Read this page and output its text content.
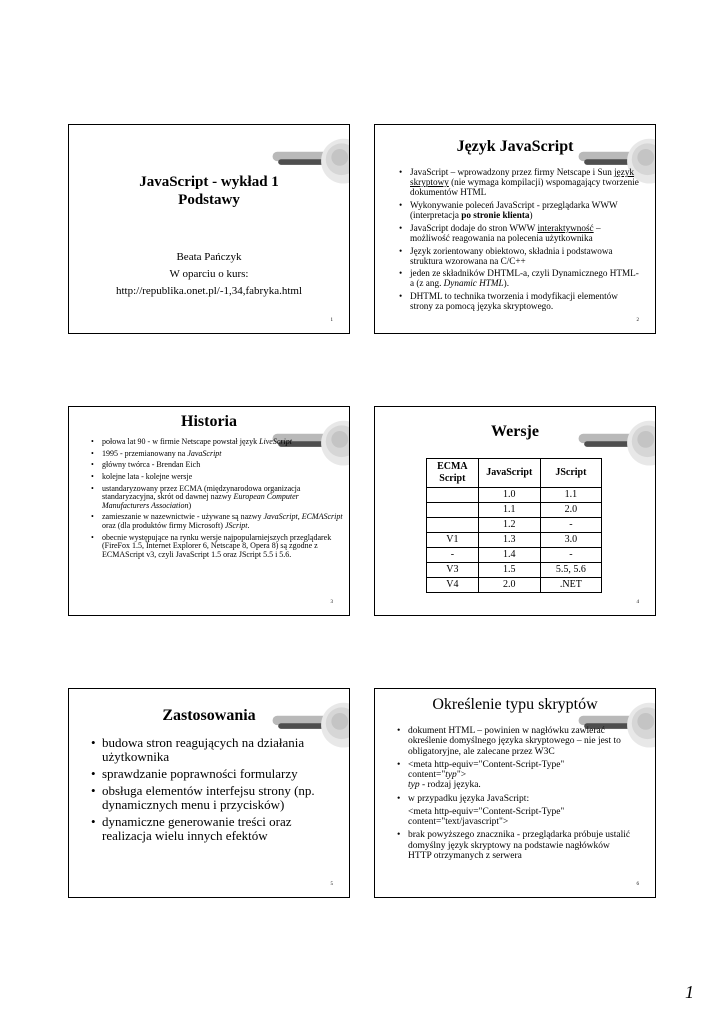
JavaScript - wykład 1
Podstawy
Beata Pańczyk
W oparciu o kurs:
http://republika.onet.pl/-1,34,fabryka.html
1
Język JavaScript
• JavaScript – wprowadzony przez firmy Netscape i Sun język skryptowy (nie wymaga kompilacji) wspomagający tworzenie dokumentów HTML
• Wykonywanie poleceń JavaScript - przeglądarka WWW (interpretacja po stronie klienta)
• JavaScript dodaje do stron WWW interaktywność – możliwość reagowania na polecenia użytkownika
• Język zorientowany obiektowo, składnia i podstawowa struktura wzorowana na C/C++
• jeden ze składników DHTML-a, czyli Dynamicznego HTML-a (z ang. Dynamic HTML).
• DHTML to technika tworzenia i modyfikacji elementów strony za pomocą języka skryptowego.
2
Historia
• połowa lat 90 - w firmie Netscape powstał język LiveScript
• 1995 - przemianowany na JavaScript
• główny twórca - Brendan Eich
• kolejne lata - kolejne wersje
• ustandaryzowany przez ECMA (międzynarodowa organizacja standaryzacyjna, skrót od dawnej nazwy European Computer Manufacturers Association)
• zamieszanie w nazewnictwie - używane są nazwy JavaScript, ECMAScript oraz (dla produktów firmy Microsoft) JScript.
• obecnie występujące na rynku wersje najpopularniejszych przeglądarek (FireFox 1.5, Internet Explorer 6, Netscape 8, Opera 8) są zgodne z ECMAScript v3, czyli JavaScript 1.5 oraz JScript 5.5 i 5.6.
3
Wersje
ECMA Script	JavaScript	JScript
	1.0	1.1
	1.1	2.0
	1.2	-
V1	1.3	3.0
-	1.4	-
V3	1.5	5.5, 5.6
V4	2.0	.NET
4
Zastosowania
• budowa stron reagujących na działania użytkownika
• sprawdzanie poprawności formularzy
• obsługa elementów interfejsu strony (np. dynamicznych menu i przycisków)
• dynamiczne generowanie treści oraz realizacja wielu innych efektów
5
Określenie typu skryptów
• dokument HTML – powinien w nagłówku zawierać określenie domyślnego języka skryptowego – nie jest to obligatoryjne, ale zalecane przez W3C
• <meta http-equiv="Content-Script-Type"
content="typ">
typ - rodzaj języka.
• w przypadku języka JavaScript:
<meta http-equiv="Content-Script-Type"
content="text/javascript">
• brak powyższego znacznika - przeglądarka próbuje ustalić domyślny język skryptowy na podstawie nagłówków HTTP otrzymanych z serwera
6
1
